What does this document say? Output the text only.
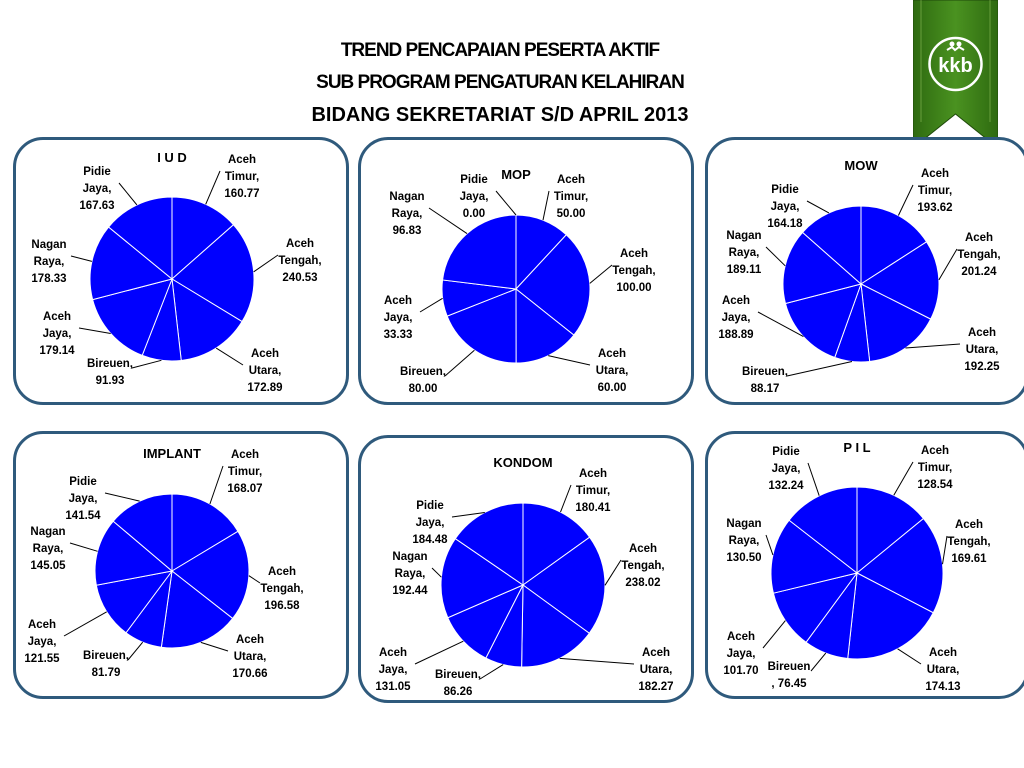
TREND PENCAPAIAN PESERTA AKTIF
SUB PROGRAM PENGATURAN KELAHIRAN
BIDANG SEKRETARIAT S/D APRIL 2013
kkb
I U D	Aceh Timur, 160.77
Aceh Tengah, 240.53
Aceh Utara, 172.89
Bireuen, 91.93
Aceh Jaya, 179.14
Nagan Raya, 178.33
Pidie Jaya, 167.63
MOP Aceh Timur, 50.00
Aceh Tengah, 100.00
Aceh Utara, 60.00
Bireuen, 80.00
Aceh Jaya, 33.33
Nagan Raya, 96.83
Pidie Jaya, 0.00
MOW
Aceh Timur, 193.62
Aceh Tengah, 201.24
Aceh Utara, 192.25
Bireuen, 88.17
Aceh Jaya, 188.89
Nagan Raya, 189.11
Pidie Jaya, 164.18
IMPLANT	Aceh Timur, 168.07
Aceh Tengah, 196.58
Aceh Utara, 170.66
Bireuen, 81.79
Aceh Jaya, 121.55
Nagan Raya, 145.05
Pidie Jaya, 141.54
KONDOM
Aceh Timur, 180.41
Aceh Tengah, 238.02
Aceh Utara, 182.27
Bireuen, 86.26
Aceh Jaya, 131.05
Nagan Raya, 192.44
Pidie Jaya, 184.48
P I L	Aceh Timur, 128.54
Aceh Tengah, 169.61
Aceh Utara, 174.13
Bireuen , 76.45
Aceh Jaya, 101.70
Nagan Raya, 130.50
Pidie Jaya, 132.24
